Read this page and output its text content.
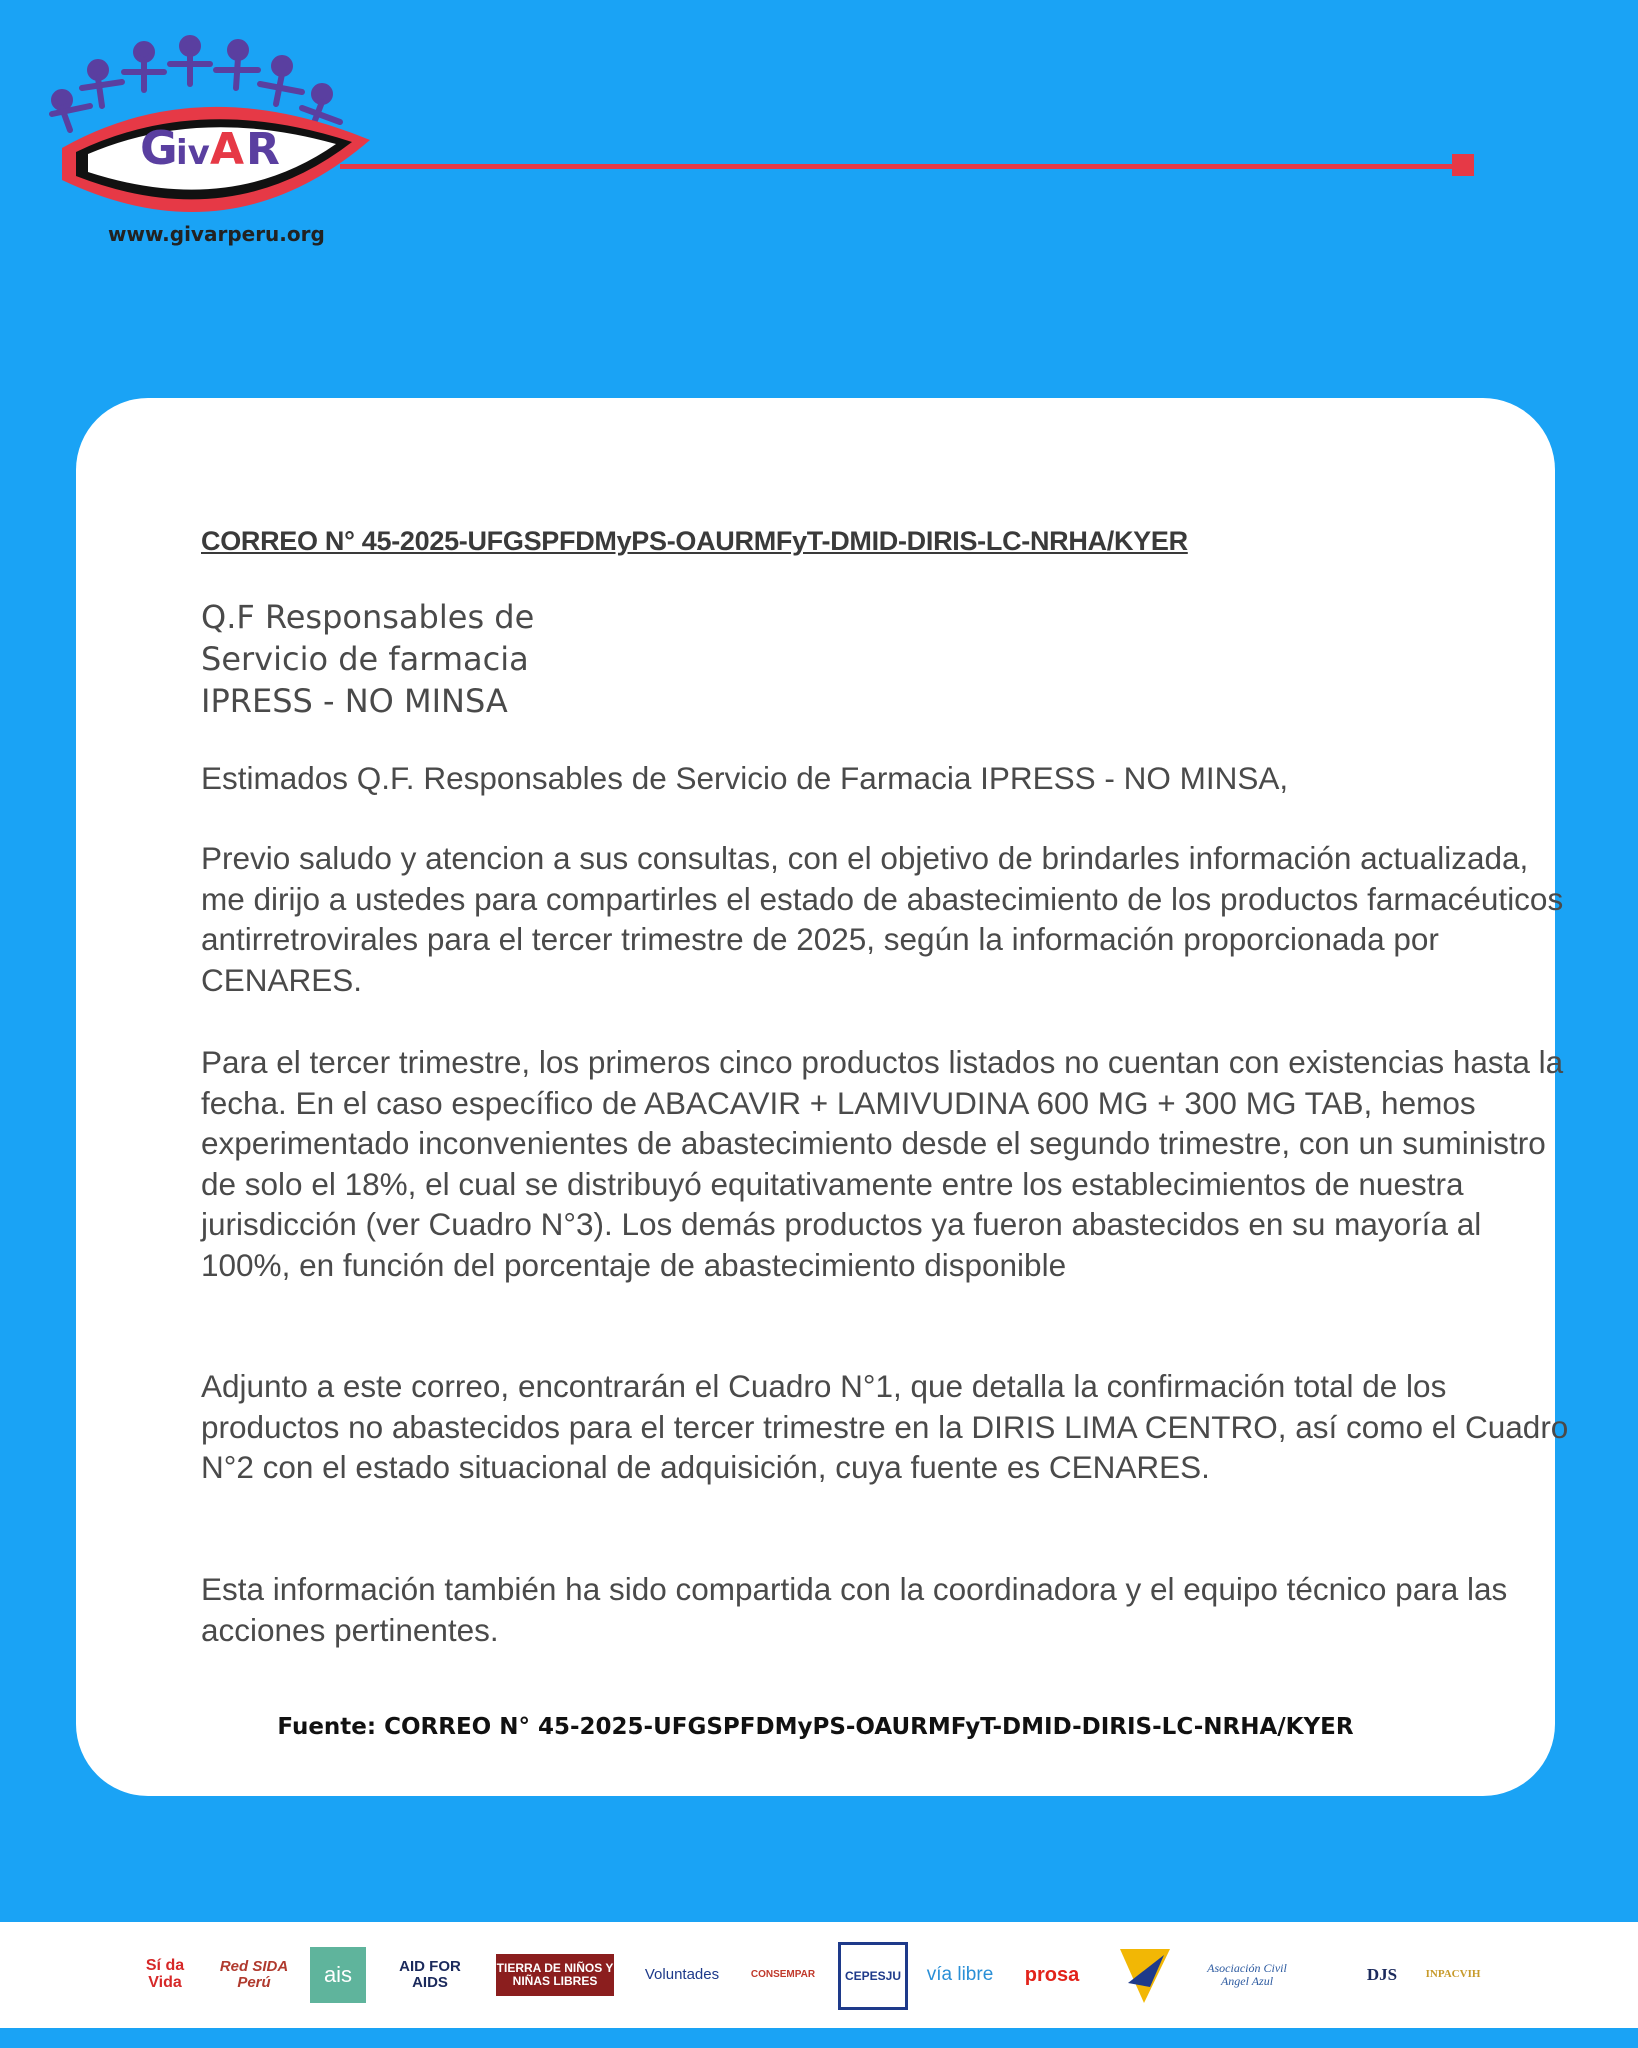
G
iv A R
www.givarperu.org
CORREO N° 45-2025-UFGSPFDMyPS-OAURMFyT-DMID-DIRIS-LC-NRHA/KYER
Q.F Responsables de
Servicio de farmacia
IPRESS - NO MINSA
Estimados Q.F. Responsables de Servicio de Farmacia IPRESS - NO MINSA,
Previo saludo y atencion a sus consultas, con el objetivo de brindarles información actualizada, me dirijo a ustedes para compartirles el estado de abastecimiento de los productos farmacéuticos antirretrovirales para el tercer trimestre de 2025, según la información proporcionada por CENARES.
Para el tercer trimestre, los primeros cinco productos listados no cuentan con existencias hasta la fecha. En el caso específico de ABACAVIR + LAMIVUDINA 600 MG + 300 MG TAB, hemos experimentado inconvenientes de abastecimiento desde el segundo trimestre, con un suministro de solo el 18%, el cual se distribuyó equitativamente entre los establecimientos de nuestra jurisdicción (ver Cuadro N°3). Los demás productos ya fueron abastecidos en su mayoría al 100%, en función del porcentaje de abastecimiento disponible
Adjunto a este correo, encontrarán el Cuadro N°1, que detalla la confirmación total de los productos no abastecidos para el tercer trimestre en la DIRIS LIMA CENTRO, así como el Cuadro N°2 con el estado situacional de adquisición, cuya fuente es CENARES.
Esta información también ha sido compartida con la coordinadora y el equipo técnico para las acciones pertinentes.
Fuente: CORREO N° 45-2025-UFGSPFDMyPS-OAURMFyT-DMID-DIRIS-LC-NRHA/KYER
Sí da Vida
Red SIDA Perú	ais	AID FOR AIDS
TIERRA DE NIÑOS Y NIÑAS LIBRES	Voluntades	CONSEMPAR	CEPESJU	vía libre	prosa	Asociación Civil Angel Azul	DJS	INPACVIH
